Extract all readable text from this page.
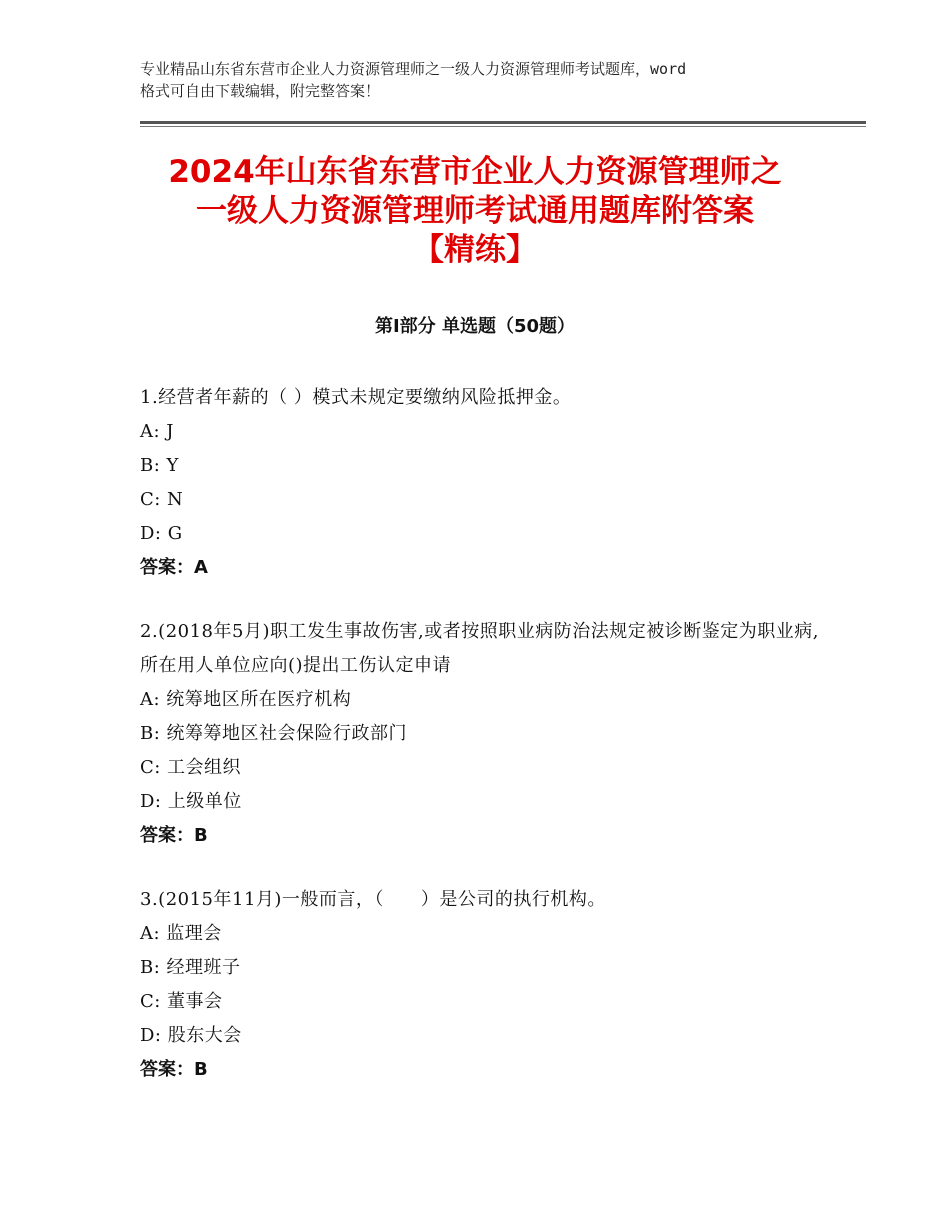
专业精品山东省东营市企业人力资源管理师之一级人力资源管理师考试题库，word
格式可自由下载编辑，附完整答案！
2024年山东省东营市企业人力资源管理师之
一级人力资源管理师考试通用题库附答案
【精练】
第Ⅰ部分 单选题（50题）
1.经营者年薪的（ ）模式未规定要缴纳风险抵押金。
A: J
B: Y
C: N
D: G
答案：A
2.(2018年5月)职工发生事故伤害,或者按照职业病防治法规定被诊断鉴定为职业病,所在用人单位应向()提出工伤认定申请
A: 统筹地区所在医疗机构
B: 统筹筹地区社会保险行政部门
C: 工会组织
D: 上级单位
答案：B
3.(2015年11月)一般而言，（　　）是公司的执行机构。
A: 监理会
B: 经理班子
C: 董事会
D: 股东大会
答案：B
